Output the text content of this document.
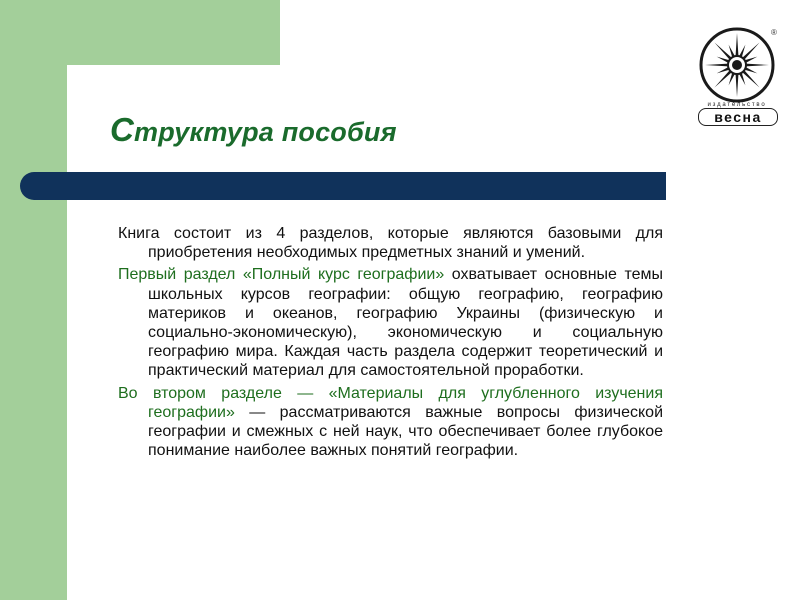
Структура пособия

Книга состоит из 4 разделов, которые являются базовыми для приобретения необходимых предметных знаний и умений.

Первый раздел «Полный курс географии» охватывает основные темы школьных курсов географии: общую географию, географию материков и океанов, географию Украины (физическую и социально-экономическую), экономическую и социальную географию мира. Каждая часть раздела содержит теоретический и практический материал для самостоятельной проработки.

Во втором разделе — «Материалы для углубленного изучения географии» — рассматриваются важные вопросы физической географии и смежных с ней наук, что обеспечивает более глубокое понимание наиболее важных понятий географии.

издательство
весна
®
